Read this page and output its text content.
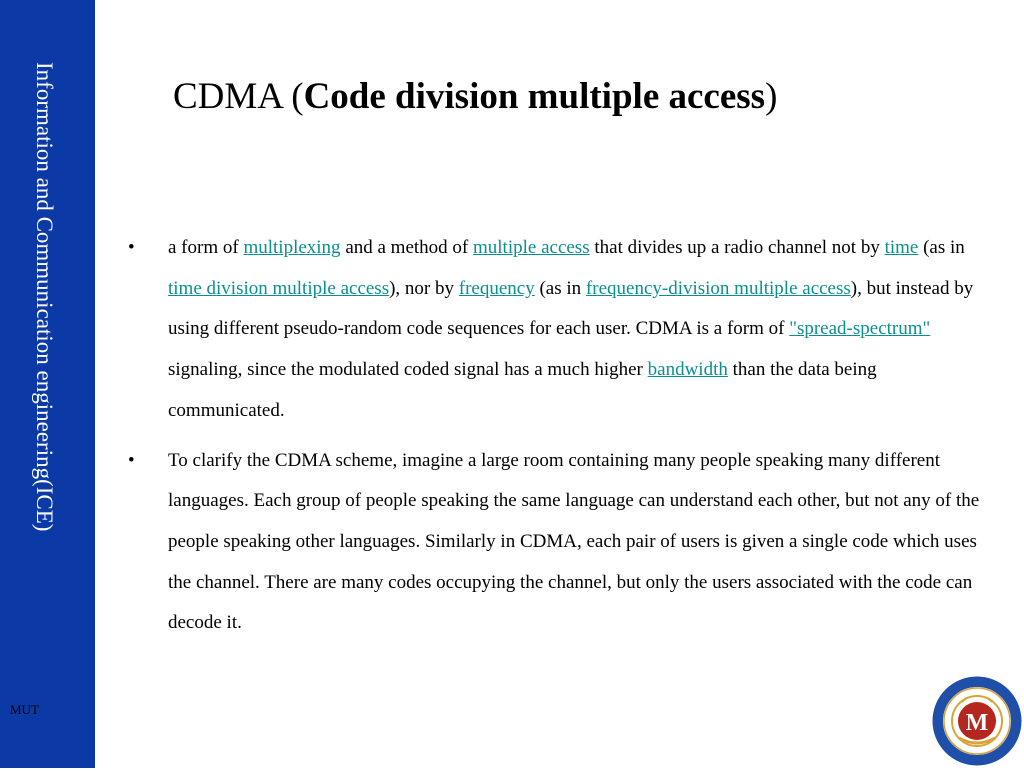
Information and Communication engineering(ICE)
MUT
CDMA (Code division multiple access)
•	a form of multiplexing and a method of multiple access that divides up a radio channel not by time (as in time division multiple access), nor by frequency (as in frequency-division multiple access), but instead by using different pseudo-random code sequences for each user. CDMA is a form of "spread-spectrum" signaling, since the modulated coded signal has a much higher bandwidth than the data being communicated.
•	To clarify the CDMA scheme, imagine a large room containing many people speaking many different languages. Each group of people speaking the same language can understand each other, but not any of the people speaking other languages. Similarly in CDMA, each pair of users is given a single code which uses the channel. There are many codes occupying the channel, but only the users associated with the code can decode it.
M
